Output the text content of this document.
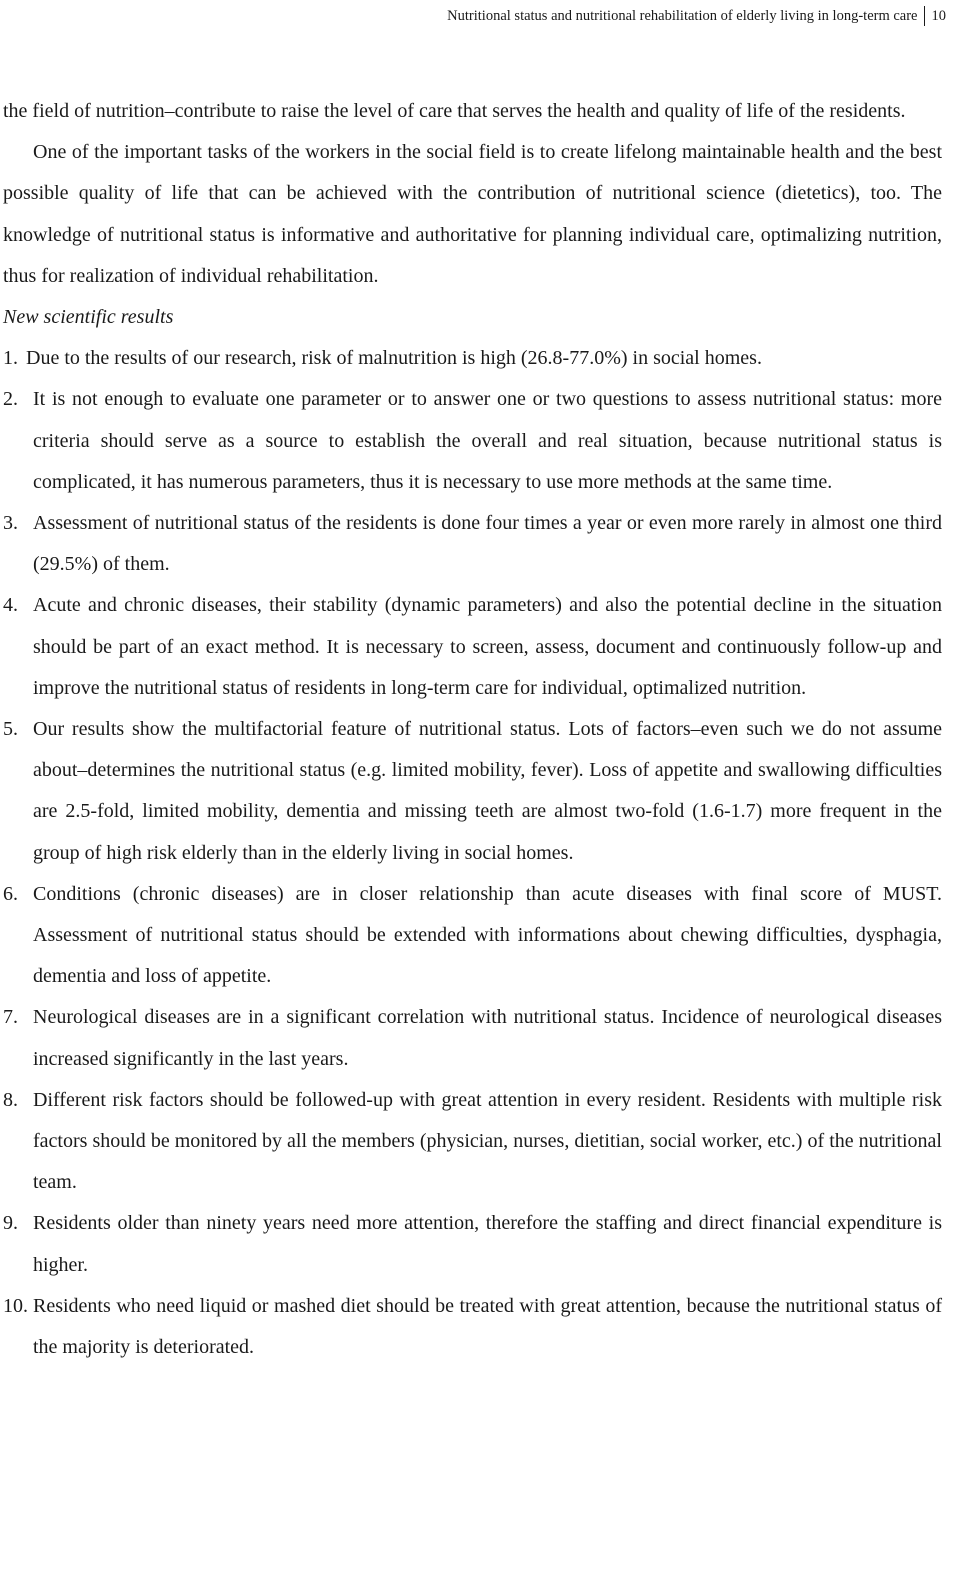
Nutritional status and nutritional rehabilitation of elderly living in long-term care 10

the field of nutrition–contribute to raise the level of care that serves the health and quality of life of the residents.

One of the important tasks of the workers in the social field is to create lifelong maintainable health and the best possible quality of life that can be achieved with the contribution of nutritional science (dietetics), too. The knowledge of nutritional status is informative and authoritative for planning individual care, optimalizing nutrition, thus for realization of individual rehabilitation.

New scientific results

1. Due to the results of our research, risk of malnutrition is high (26.8-77.0%) in social homes.
2. It is not enough to evaluate one parameter or to answer one or two questions to assess nutritional status: more criteria should serve as a source to establish the overall and real situation, because nutritional status is complicated, it has numerous parameters, thus it is necessary to use more methods at the same time.
3. Assessment of nutritional status of the residents is done four times a year or even more rarely in almost one third (29.5%) of them.
4. Acute and chronic diseases, their stability (dynamic parameters) and also the potential decline in the situation should be part of an exact method. It is necessary to screen, assess, document and continuously follow-up and improve the nutritional status of residents in long-term care for individual, optimalized nutrition.
5. Our results show the multifactorial feature of nutritional status. Lots of factors–even such we do not assume about–determines the nutritional status (e.g. limited mobility, fever). Loss of appetite and swallowing difficulties are 2.5-fold, limited mobility, dementia and missing teeth are almost two-fold (1.6-1.7) more frequent in the group of high risk elderly than in the elderly living in social homes.
6. Conditions (chronic diseases) are in closer relationship than acute diseases with final score of MUST. Assessment of nutritional status should be extended with informations about chewing difficulties, dysphagia, dementia and loss of appetite.
7. Neurological diseases are in a significant correlation with nutritional status. Incidence of neurological diseases increased significantly in the last years.
8. Different risk factors should be followed-up with great attention in every resident. Residents with multiple risk factors should be monitored by all the members (physician, nurses, dietitian, social worker, etc.) of the nutritional team.
9. Residents older than ninety years need more attention, therefore the staffing and direct financial expenditure is higher.
10. Residents who need liquid or mashed diet should be treated with great attention, because the nutritional status of the majority is deteriorated.
